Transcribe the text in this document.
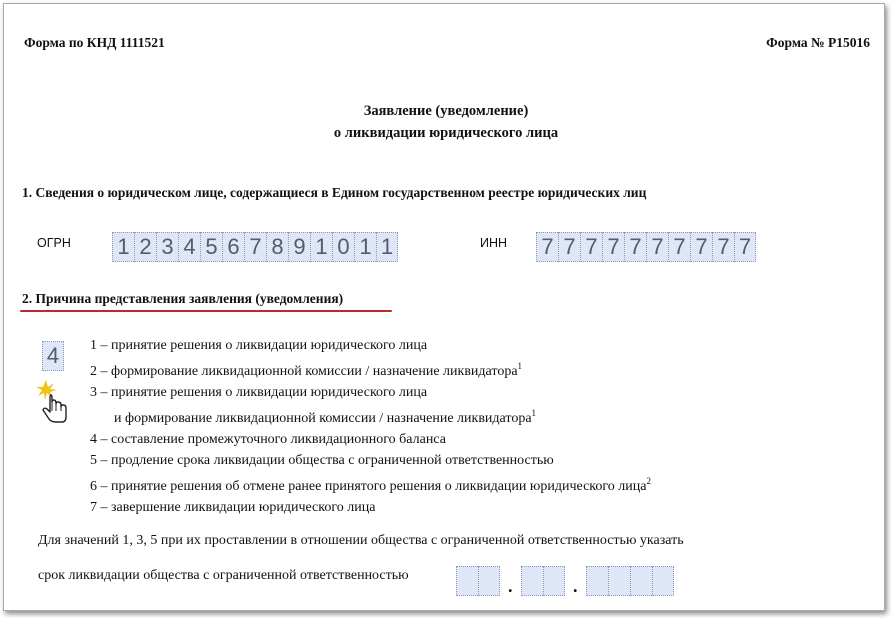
Форма по КНД 1111521	Форма № Р15016
Заявление (уведомление)
о ликвидации юридического лица
1. Сведения о юридическом лице, содержащиеся в Едином государственном реестре юридических лиц
ОГРН 1 2 3 4 5 6 7 8 9 1 0 1 1	ИНН 7 7 7 7 7 7 7 7 7 7
2. Причина представления заявления (уведомления)
4	1 – принятие решения о ликвидации юридического лица
2 – формирование ликвидационной комиссии / назначение ликвидатора$^1$
3 – принятие решения о ликвидации юридического лица
и формирование ликвидационной комиссии / назначение ликвидатора$^1$
4 – составление промежуточного ликвидационного баланса
5 – продление срока ликвидации общества с ограниченной ответственностью
6 – принятие решения об отмене ранее принятого решения о ликвидации юридического лица$^2$
7 – завершение ликвидации юридического лица
Для значений 1, 3, 5 при их проставлении в отношении общества с ограниченной ответственностью указать
срок ликвидации общества с ограниченной ответственностью
.	.
